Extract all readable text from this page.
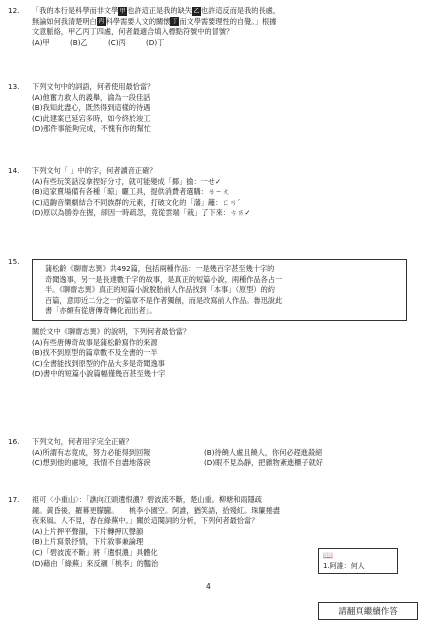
12.	「我的本行是科學而非文學甲 也許這正是我的缺失乙 也許這反而是我的長處，
無論如何我清楚明白丙 科學需要人文的關懷丁 而文學需要理性的自覺。」根據
文意脈絡，甲乙丙丁四處，何者最適合填入標點符號中的冒號？
(A)甲	(B)乙	(C)丙	(D)丁
13.	下列文句中的詞語，何者使用最恰當？
(A)他奮力救人的義舉，淪為一段佳話
(B)我知此盡心，既然得到這樣的待遇
(C)此建案已延宕多時，如今終於竣工
(D)那件事能夠完成，不愧有你的幫忙
14.	下列文句「 」中的字，何者讀音正確？
(A)有些玩笑話沒拿捏好分寸，就可能變成「揶」揄：一せ✓
(B)這家賣場備有各種「晾」曬工具，提供消費者選購：ㄌㄧㄤ
(C)這齣音樂劇結合不同族群的元素，打破文化的「藩」籬：ㄈㄢˊ
(D)原以為勝券在握，卻因一時疏忽，竟從雲端「栽」了下來：ㄘㄞ✓
15.
蒲松齡《聊齋志異》共492篇，包括兩種作品：一是幾百字甚至幾十字的
奇聞逸事，另一是長達數千字的故事，是真正的短篇小說，兩種作品各占一
半。《聊齋志異》真正的短篇小說脫胎前人作品找到「本事」（原型）的約
百篇，意即近二分之一的篇章不是作者獨創，而是改寫前人作品。魯迅說此
書「亦頗有從唐傳奇轉化而出者」。
關於文中《聊齋志異》的說明，下列何者最恰當？
(A)有些唐傳奇故事是蒲松齡寫作的來源
(B)找不到原型的篇章數不及全書的一半
(C)全書能找到原型的作品大多是奇聞逸事
(D)書中的短篇小說篇幅僅幾百甚至幾十字
16.	下列文句，何者用字完全正確？
(A)所謂有志竟成，努力必能得到回報	(B)待饒人處且饒人，你何必趕進殺絕
(C)想到他的處境，我情不自盡地落淚	(D)眼不見為靜，把雜物紊進櫃子就好
17.	祖可〈小重山〉：「譙向江頭遺恨濃？碧波流不斷，楚山重。柳塘和雨隱疏
鐘。黃昏後，羅幕更朦朧。　　桃李小園空。阿誰，猶笑語，拾殘紅。珠簾捲盡
夜來風。人不見，春在綠蕪中。」關於這闋詞的分析，下列何者最恰當？
(A)上片押平聲韻，下片轉押仄聲韻
(B)上片寫景抒情，下片敘事兼論理
(C)「碧波流不斷」將「遺恨濃」具體化
(D)藉由「綠蕪」來反襯「桃李」的豔治
📖
1.阿誰：何人
4
請翻頁繼續作答
